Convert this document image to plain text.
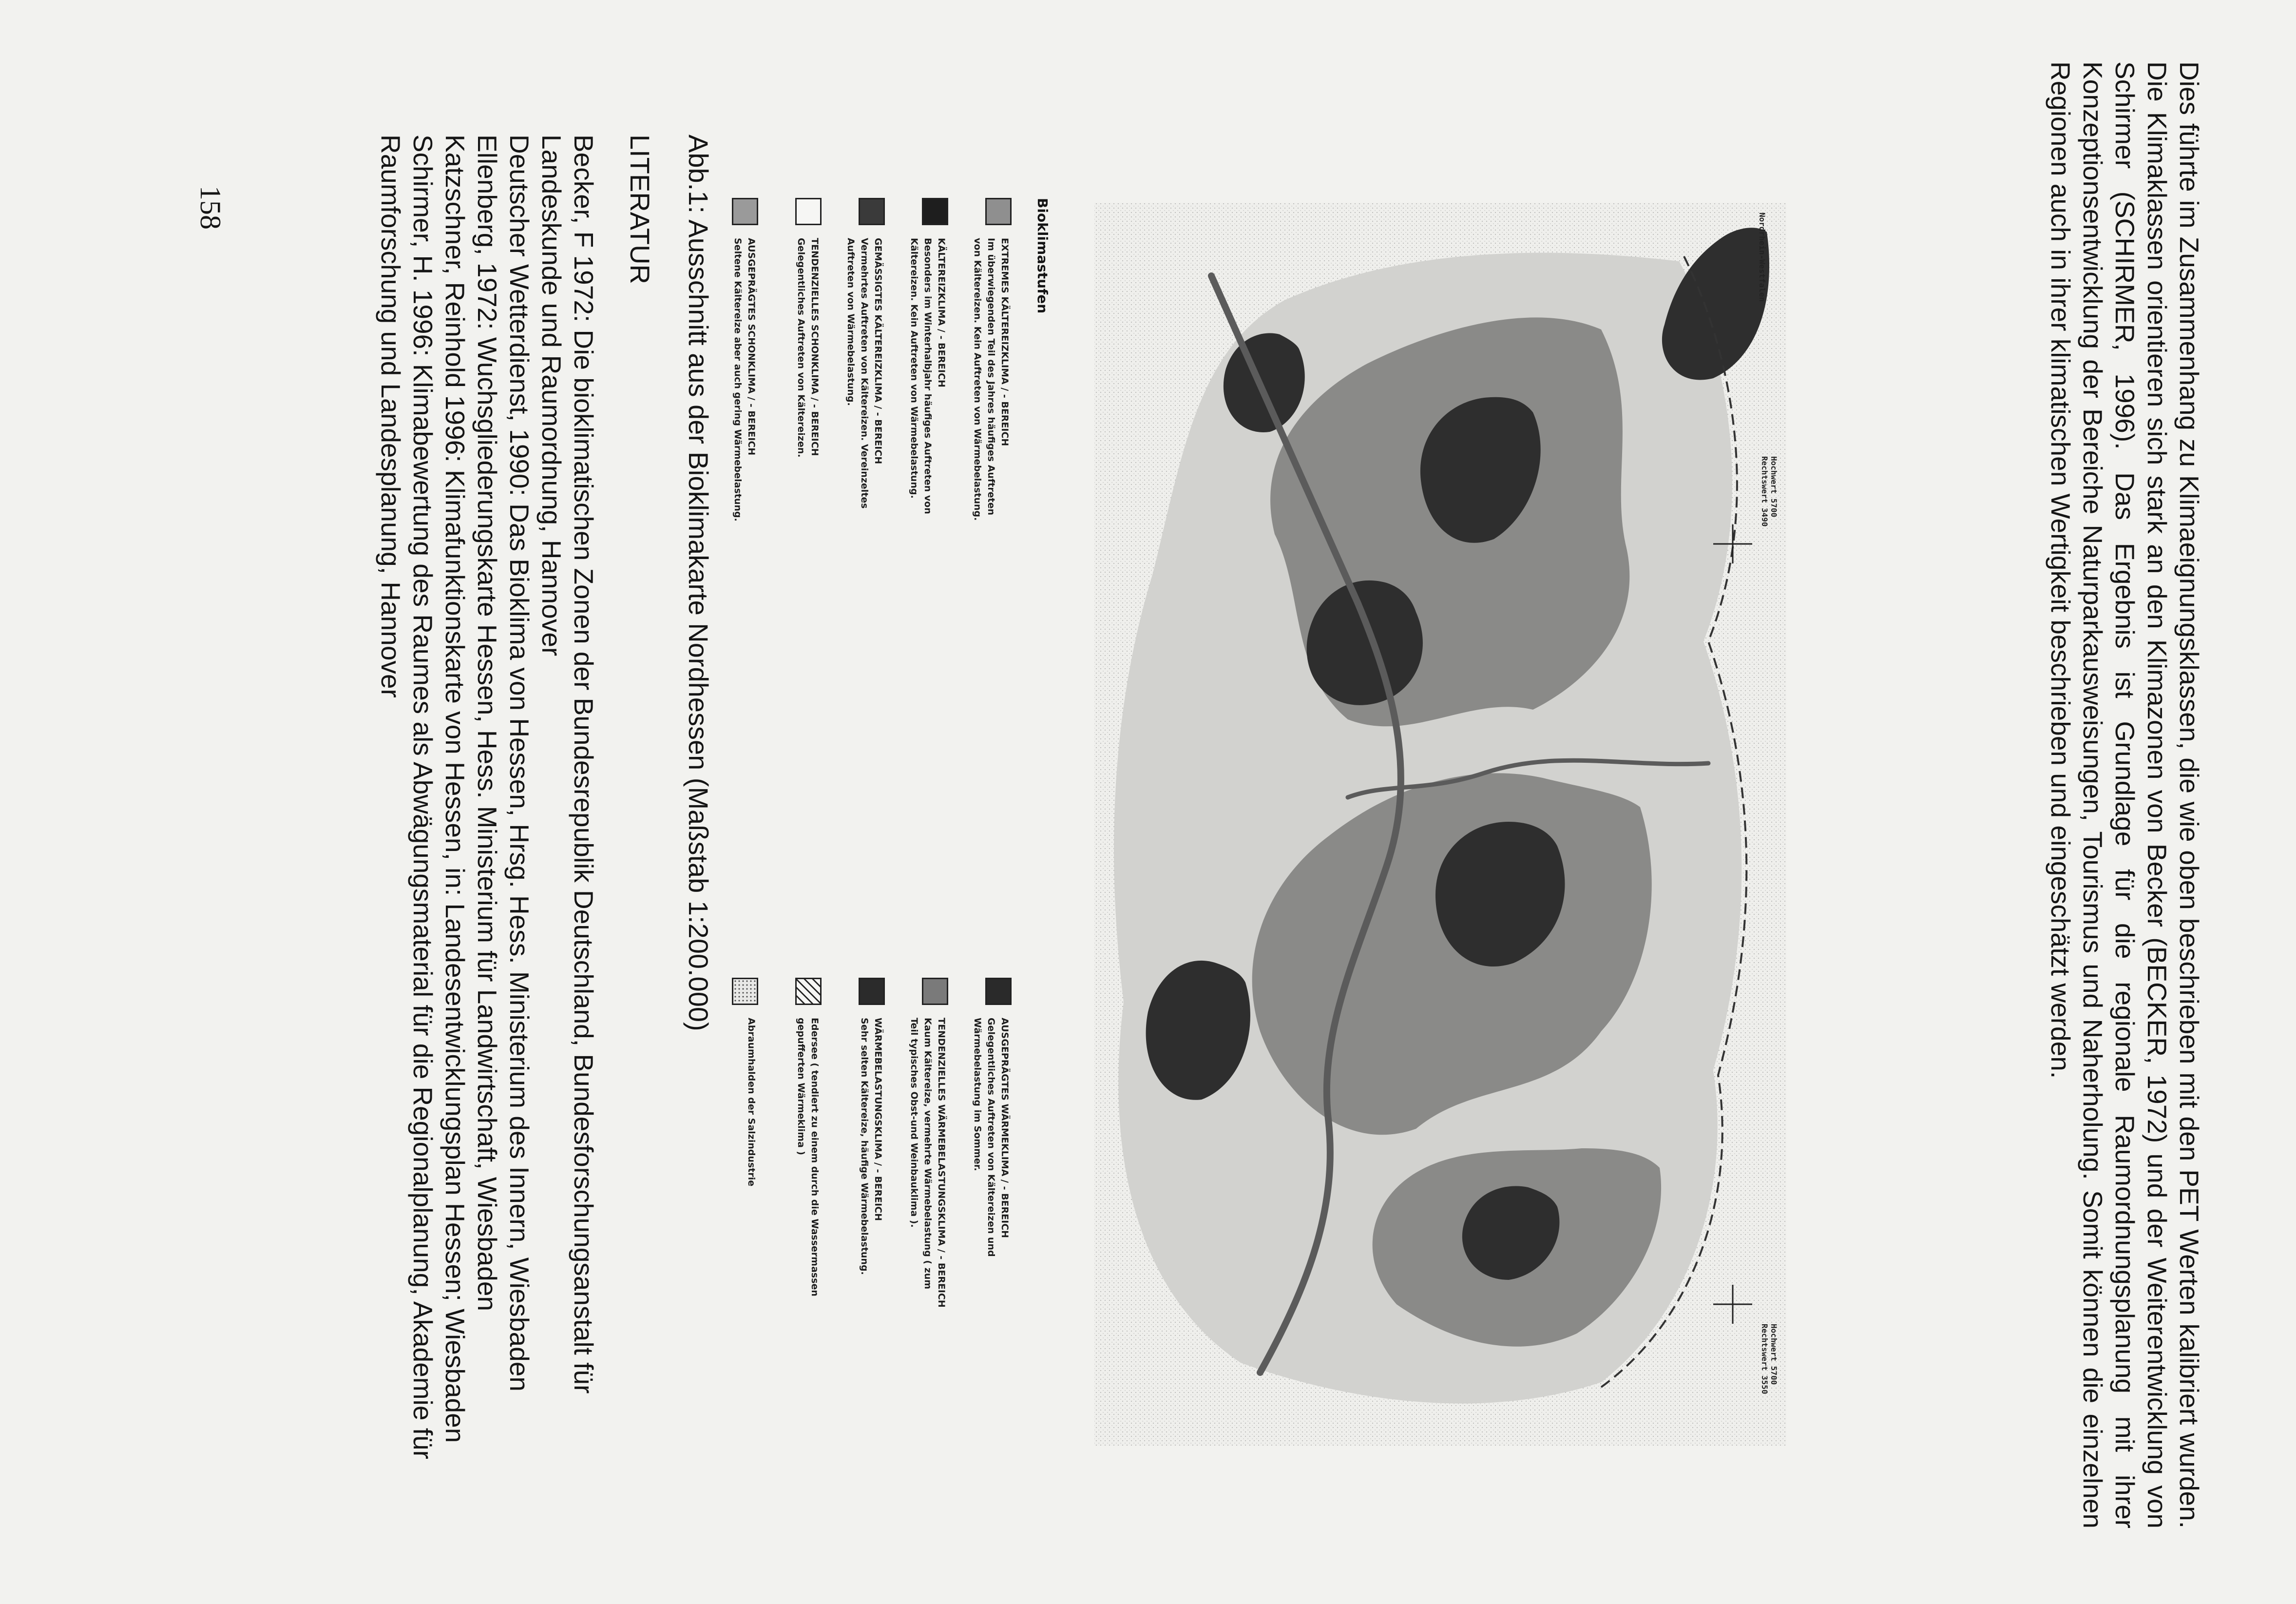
Dies führte im Zusammenhang zu Klimaeignungsklassen, die wie oben beschrieben mit den PET Werten kalibriert wurden. Die Klimaklassen orientieren sich stark an den Klimazonen von Becker (BECKER, 1972) und der Weiterentwicklung von Schirmer (SCHIRMER, 1996). Das Ergebnis ist Grundlage für die regionale Raumordnungsplanung mit ihrer Konzeptionsentwicklung der Bereiche Naturparkausweisungen, Tourismus und Naherholung. Somit können die einzelnen Regionen auch in ihrer klimatischen Wertigkeit beschrieben und eingeschätzt werden.

Nordrhein-Westfalen
Hochwert 5700
Rechtswert 3490
Hochwert 5700
Rechtswert 3550
Bioklimastufen
EXTREMES KÄLTEREIZKLIMA / - BEREICH
Im überwiegenden Teil des Jahres häufiges Auftreten
von Kältereizen. Kein Auftreten von Wärmebelastung.
KÄLTEREIZKLIMA / - BEREICH
Besonders im Winterhalbjahr häufiges Auftreten von
Kältereizen. Kein Auftreten von Wärmebelastung.
GEMÄSSIGTES KÄLTEREIZKLIMA / - BEREICH
Vermehrtes Auftreten von Kältereizen. Vereinzeltes
Auftreten von Wärmebelastung.
TENDENZIELLES SCHONKLIMA / - BEREICH
Gelegentliches Auftreten von Kältereizen.
AUSGEPRÄGTES SCHONKLIMA / - BEREICH
Seltene Kältereize aber auch gering Wärmebelastung.
AUSGEPRÄGTES WÄRMEKLIMA / - BEREICH
Gelegentliches Auftreten von Kältereizen und
Wärmebelastung im Sommer.
TENDENZIELLES WÄRMEBELASTUNGSKLIMA / - BEREICH
Kaum Kältereize, vermehrte Wärmebelastung ( zum
Teil typisches Obst-und Weinbauklima ).
WÄRMEBELASTUNGSKLIMA / - BEREICH
Sehr selten Kältereize, häufige Wärmebelastung.
Edersee ( tendiert zu einem durch die Wassermassen
gepufferten Wärmeklima )
Abraumhalden der Salzindustrie
Abb.1: Ausschnitt aus der Bioklimakarte Nordhessen (Maßstab 1:200.000)
LITERATUR
Becker, F 1972: Die bioklimatischen Zonen der Bundesrepublik Deutschland, Bundesforschungsanstalt für Landeskunde und Raumordnung, Hannover
Deutscher Wetterdienst, 1990: Das Bioklima von Hessen, Hrsg. Hess. Ministerium des Innern, Wiesbaden
Ellenberg, 1972: Wuchsgliederungskarte Hessen, Hess. Ministerium für Landwirtschaft, Wiesbaden
Katzschner, Reinhold 1996: Klimafunktionskarte von Hessen, in: Landesentwicklungsplan Hessen; Wiesbaden
Schirmer, H. 1996: Klimabewertung des Raumes als Abwägungsmaterial für die Regionalplanung, Akademie für Raumforschung und Landesplanung, Hannover
158
